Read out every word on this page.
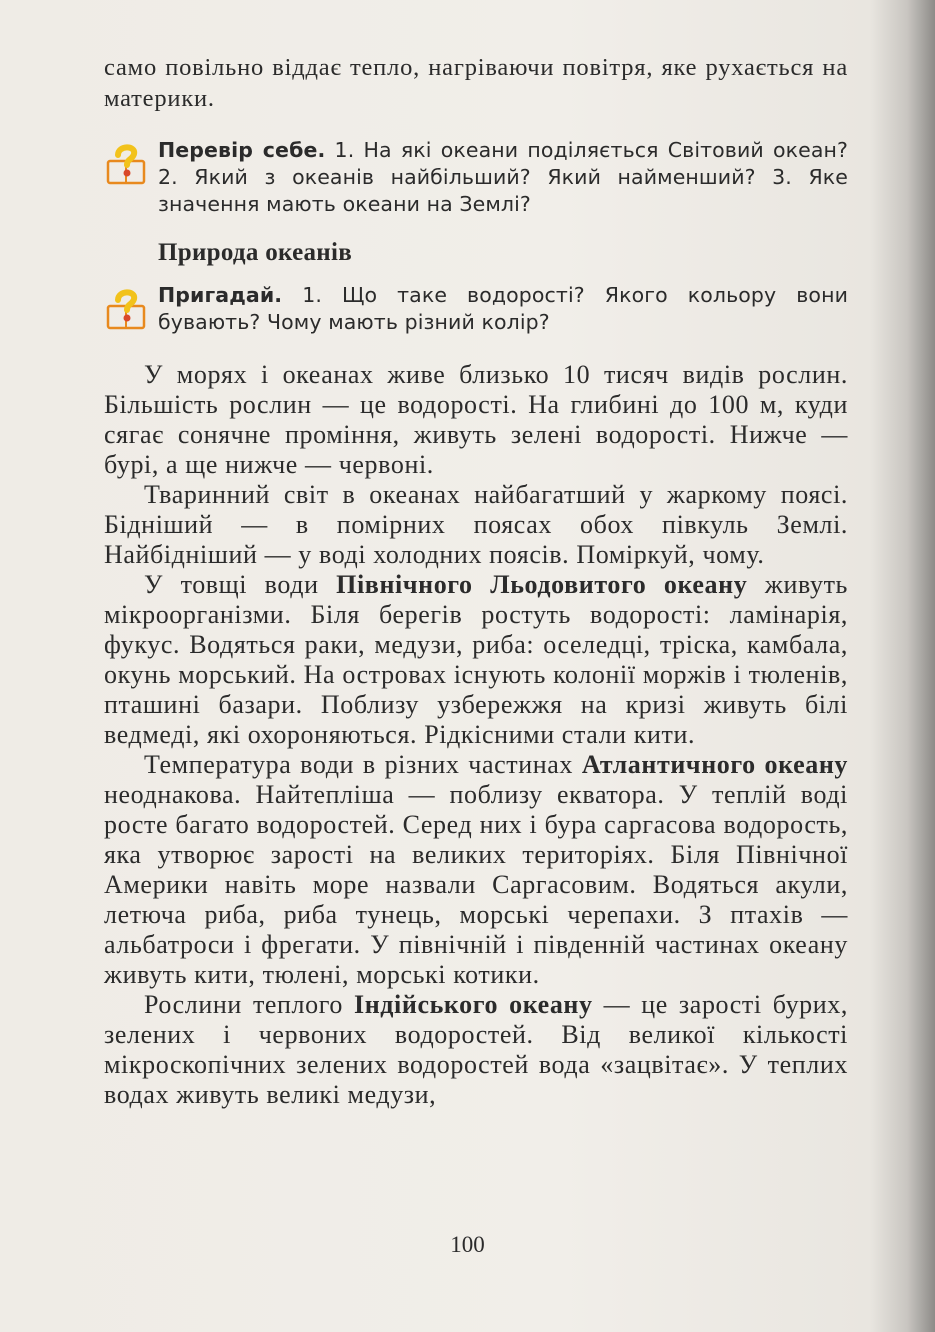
само повільно віддає тепло, нагріваючи повітря, яке рухається на материки.

Перевір себе. 1. На які океани поділяється Світовий океан? 2. Який з океанів найбільший? Який найменший? 3. Яке значення мають океани на Землі?

Природа океанів

Пригадай. 1. Що таке водорості? Якого кольору вони бувають? Чому мають різний колір?

У морях і океанах живе близько 10 тисяч видів рослин. Більшість рослин — це водорості. На глибині до 100 м, куди сягає сонячне проміння, живуть зелені водорості. Нижче — бурі, а ще нижче — червоні.

Тваринний світ в океанах найбагатший у жаркому поясі. Бідніший — в помірних поясах обох півкуль Землі. Найбідніший — у воді холодних поясів. Поміркуй, чому.

У товщі води Північного Льодовитого океану живуть мікроорганізми. Біля берегів ростуть водорості: ламінарія, фукус. Водяться раки, медузи, риба: оселедці, тріска, камбала, окунь морський. На островах існують колонії моржів і тюленів, пташині базари. Поблизу узбережжя на кризі живуть білі ведмеді, які охороняються. Рідкісними стали кити.

Температура води в різних частинах Атлантичного океану неоднакова. Найтепліша — поблизу екватора. У теплій воді росте багато водоростей. Серед них і бура саргасова водорость, яка утворює зарості на великих територіях. Біля Північної Америки навіть море назвали Саргасовим. Водяться акули, летюча риба, риба тунець, морські черепахи. З птахів — альбатроси і фрегати. У північній і південній частинах океану живуть кити, тюлені, морські котики.

Рослини теплого Індійського океану — це зарості бурих, зелених і червоних водоростей. Від великої кількості мікроскопічних зелених водоростей вода «зацвітає». У теплих водах живуть великі медузи,

100
